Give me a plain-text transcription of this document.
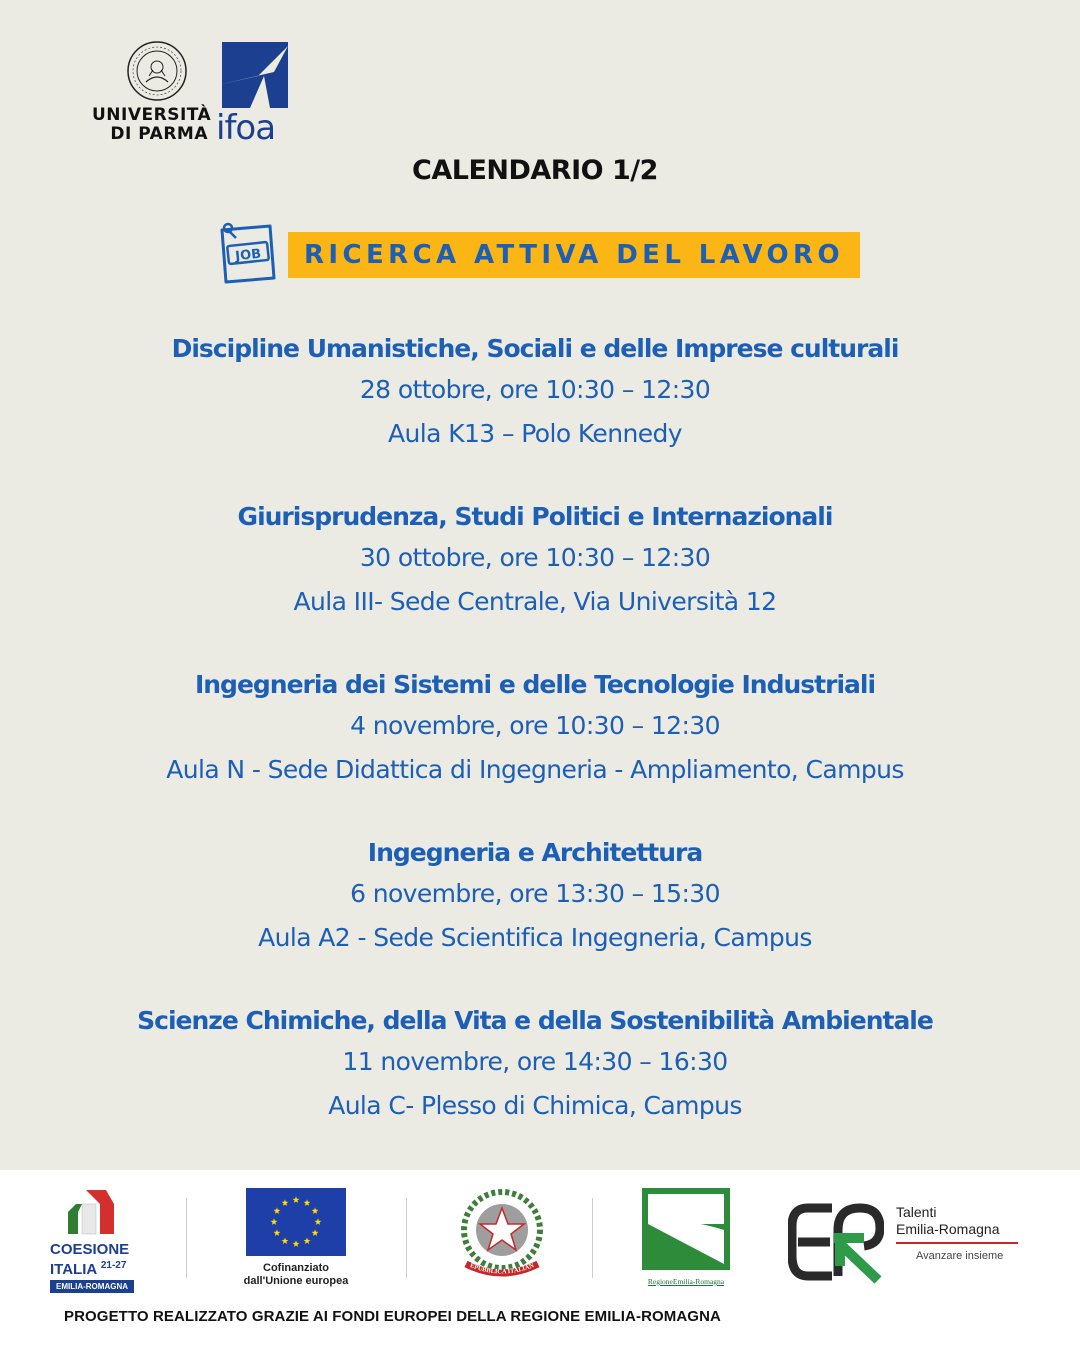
UNIVERSITÀ
DI PARMA ifoa
CALENDARIO 1/2
JOB	RICERCA ATTIVA DEL LAVORO
Discipline Umanistiche, Sociali e delle Imprese culturali
28 ottobre, ore 10:30 – 12:30
Aula K13 – Polo Kennedy
Giurisprudenza, Studi Politici e Internazionali
30 ottobre, ore 10:30 – 12:30
Aula III- Sede Centrale, Via Università 12
Ingegneria dei Sistemi e delle Tecnologie Industriali
4 novembre, ore 10:30 – 12:30
Aula N - Sede Didattica di Ingegneria - Ampliamento, Campus
Ingegneria e Architettura
6 novembre, ore 13:30 – 15:30
Aula A2 - Sede Scientifica Ingegneria, Campus
Scienze Chimiche, della Vita e della Sostenibilità Ambientale
11 novembre, ore 14:30 – 16:30
Aula C- Plesso di Chimica, Campus
COESIONE
ITALIA $^{21-27}$
EMILIA-ROMAGNA
Cofinanziato
dall'Unione europea
EPUBBLICA ITALIAN
RegioneEmilia-Romagna
Talenti
Emilia-Romagna
Avanzare insieme
PROGETTO REALIZZATO GRAZIE AI FONDI EUROPEI DELLA REGIONE EMILIA-ROMAGNA
